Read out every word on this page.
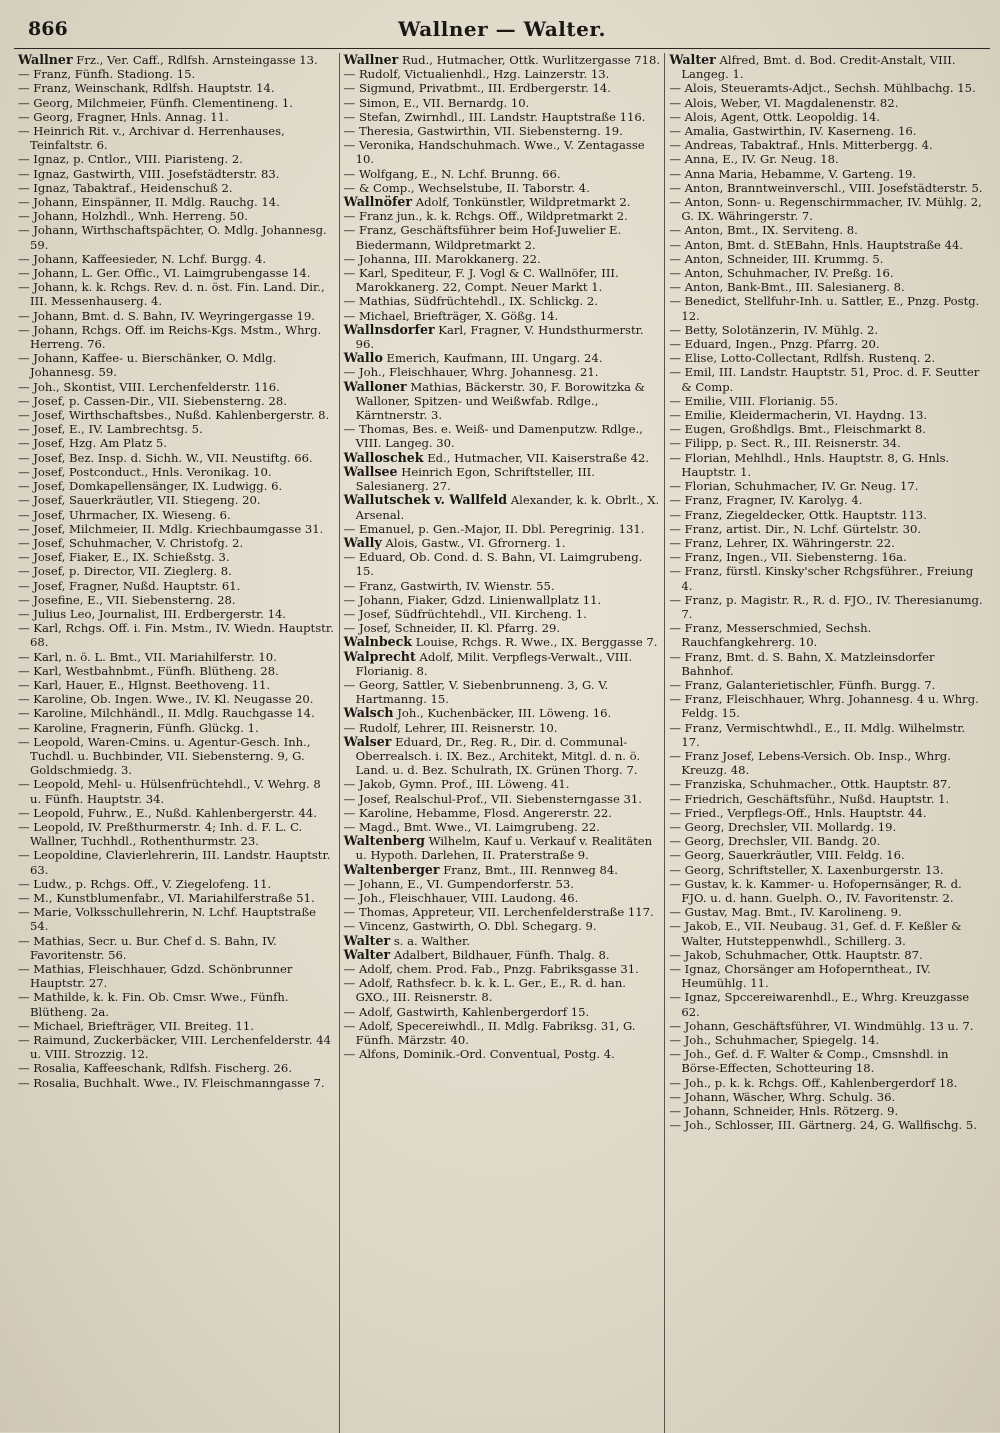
866	Wallner — Walter.

Wallner Frz., Ver. Caff., Rdlfsh. Arnsteingasse 13.

— Franz, Fünfh. Stadiong. 15.

— Franz, Weinschank, Rdlfsh. Hauptstr. 14.

— Georg, Milchmeier, Fünfh. Clementineng. 1.

— Georg, Fragner, Hnls. Annag. 11.

— Heinrich Rit. v., Archivar d. Herrenhauses, Teinfaltstr. 6.

— Ignaz, p. Cntlor., VIII. Piaristeng. 2.

— Ignaz, Gastwirth, VIII. Josefstädterstr. 83.

— Ignaz, Tabaktraf., Heidenschuß 2.

— Johann, Einspänner, II. Mdlg. Rauchg. 14.

— Johann, Holzhdl., Wnh. Herreng. 50.

— Johann, Wirthschaftspächter, O. Mdlg. Johannesg. 59.

— Johann, Kaffeesieder, N. Lchf. Burgg. 4.

— Johann, L. Ger. Offic., VI. Laimgrubengasse 14.

— Johann, k. k. Rchgs. Rev. d. n. öst. Fin. Land. Dir., III. Messenhauserg. 4.

— Johann, Bmt. d. S. Bahn, IV. Weyringergasse 19.

— Johann, Rchgs. Off. im Reichs-Kgs. Mstm., Whrg. Herreng. 76.

— Johann, Kaffee- u. Bierschänker, O. Mdlg. Johannesg. 59.

— Joh., Skontist, VIII. Lerchenfelderstr. 116.

— Josef, p. Cassen-Dir., VII. Siebensterng. 28.

— Josef, Wirthschaftsbes., Nußd. Kahlenbergerstr. 8.

— Josef, E., IV. Lambrechtsg. 5.

— Josef, Hzg. Am Platz 5.

— Josef, Bez. Insp. d. Sichh. W., VII. Neustiftg. 66.

— Josef, Postconduct., Hnls. Veronikag. 10.

— Josef, Domkapellensänger, IX. Ludwigg. 6.

— Josef, Sauerkräutler, VII. Stiegeng. 20.

— Josef, Uhrmacher, IX. Wieseng. 6.

— Josef, Milchmeier, II. Mdlg. Kriechbaumgasse 31.

— Josef, Schuhmacher, V. Christofg. 2.

— Josef, Fiaker, E., IX. Schießstg. 3.

— Josef, p. Director, VII. Zieglerg. 8.

— Josef, Fragner, Nußd. Hauptstr. 61.

— Josefine, E., VII. Siebensterng. 28.

— Julius Leo, Journalist, III. Erdbergerstr. 14.

— Karl, Rchgs. Off. i. Fin. Mstm., IV. Wiedn. Hauptstr. 68.

— Karl, n. ö. L. Bmt., VII. Mariahilferstr. 10.

— Karl, Westbahnbmt., Fünfh. Blütheng. 28.

— Karl, Hauer, E., Hlgnst. Beethoveng. 11.

— Karoline, Ob. Ingen. Wwe., IV. Kl. Neugasse 20.

— Karoline, Milchhändl., II. Mdlg. Rauchgasse 14.

— Karoline, Fragnerin, Fünfh. Glückg. 1.

— Leopold, Waren-Cmins. u. Agentur-Gesch. Inh., Tuchdl. u. Buchbinder, VII. Siebensterng. 9, G. Goldschmiedg. 3.

— Leopold, Mehl- u. Hülsenfrüchtehdl., V. Wehrg. 8 u. Fünfh. Hauptstr. 34.

— Leopold, Fuhrw., E., Nußd. Kahlenbergerstr. 44.

— Leopold, IV. Preßthurmerstr. 4; Inh. d. F. L. C. Wallner, Tuchhdl., Rothenthurmstr. 23.

— Leopoldine, Clavierlehrerin, III. Landstr. Hauptstr. 63.

— Ludw., p. Rchgs. Off., V. Ziegelofeng. 11.

— M., Kunstblumenfabr., VI. Mariahilferstraße 51.

— Marie, Volksschullehrerin, N. Lchf. Hauptstraße 54.

— Mathias, Secr. u. Bur. Chef d. S. Bahn, IV. Favoritenstr. 56.

— Mathias, Fleischhauer, Gdzd. Schönbrunner Hauptstr. 27.

— Mathilde, k. k. Fin. Ob. Cmsr. Wwe., Fünfh. Blütheng. 2a.

— Michael, Briefträger, VII. Breiteg. 11.

— Raimund, Zuckerbäcker, VIII. Lerchenfelderstr. 44 u. VIII. Strozzig. 12.

— Rosalia, Kaffeeschank, Rdlfsh. Fischerg. 26.

— Rosalia, Buchhalt. Wwe., IV. Fleischmanngasse 7.

Wallner Rud., Hutmacher, Ottk. Wurlitzergasse 718.

— Rudolf, Victualienhdl., Hzg. Lainzerstr. 13.

— Sigmund, Privatbmt., III. Erdbergerstr. 14.

— Simon, E., VII. Bernardg. 10.

— Stefan, Zwirnhdl., III. Landstr. Hauptstraße 116.

— Theresia, Gastwirthin, VII. Siebensterng. 19.

— Veronika, Handschuhmach. Wwe., V. Zentagasse 10.

— Wolfgang, E., N. Lchf. Brunng. 66.

— & Comp., Wechselstube, II. Taborstr. 4.

Wallnöfer Adolf, Tonkünstler, Wildpretmarkt 2.

— Franz jun., k. k. Rchgs. Off., Wildpretmarkt 2.

— Franz, Geschäftsführer beim Hof-Juwelier E. Biedermann, Wildpretmarkt 2.

— Johanna, III. Marokkanerg. 22.

— Karl, Spediteur, F. J. Vogl & C. Wallnöfer, III. Marokkanerg. 22, Compt. Neuer Markt 1.

— Mathias, Südfrüchtehdl., IX. Schlickg. 2.

— Michael, Briefträger, X. Gößg. 14.

Wallnsdorfer Karl, Fragner, V. Hundsthurmerstr. 96.

Wallo Emerich, Kaufmann, III. Ungarg. 24.

— Joh., Fleischhauer, Whrg. Johannesg. 21.

Walloner Mathias, Bäckerstr. 30, F. Borowitzka & Walloner, Spitzen- und Weißwfab. Rdlge., Kärntnerstr. 3.

— Thomas, Bes. e. Weiß- und Damenputzw. Rdlge., VIII. Langeg. 30.

Walloschek Ed., Hutmacher, VII. Kaiserstraße 42.

Wallsee Heinrich Egon, Schriftsteller, III. Salesianerg. 27.

Wallutschek v. Wallfeld Alexander, k. k. Obrlt., X. Arsenal.

— Emanuel, p. Gen.-Major, II. Dbl. Peregrinig. 131.

Wally Alois, Gastw., VI. Gfrornerg. 1.

— Eduard, Ob. Cond. d. S. Bahn, VI. Laimgrubeng. 15.

— Franz, Gastwirth, IV. Wienstr. 55.

— Johann, Fiaker, Gdzd. Linienwallplatz 11.

— Josef, Südfrüchtehdl., VII. Kircheng. 1.

— Josef, Schneider, II. Kl. Pfarrg. 29.

Walnbeck Louise, Rchgs. R. Wwe., IX. Berggasse 7.

Walprecht Adolf, Milit. Verpflegs-Verwalt., VIII. Florianig. 8.

— Georg, Sattler, V. Siebenbrunneng. 3, G. V. Hartmanng. 15.

Walsch Joh., Kuchenbäcker, III. Löweng. 16.

— Rudolf, Lehrer, III. Reisnerstr. 10.

Walser Eduard, Dr., Reg. R., Dir. d. Communal-Oberrealsch. i. IX. Bez., Architekt, Mitgl. d. n. ö. Land. u. d. Bez. Schulrath, IX. Grünen Thorg. 7.

— Jakob, Gymn. Prof., III. Löweng. 41.

— Josef, Realschul-Prof., VII. Siebensterngasse 31.

— Karoline, Hebamme, Flosd. Angererstr. 22.

— Magd., Bmt. Wwe., VI. Laimgrubeng. 22.

Waltenberg Wilhelm, Kauf u. Verkauf v. Realitäten u. Hypoth. Darlehen, II. Praterstraße 9.

Waltenberger Franz, Bmt., III. Rennweg 84.

— Johann, E., VI. Gumpendorferstr. 53.

— Joh., Fleischhauer, VIII. Laudong. 46.

— Thomas, Appreteur, VII. Lerchenfelderstraße 117.

— Vincenz, Gastwirth, O. Dbl. Schegarg. 9.

Walter s. a. Walther.

Walter Adalbert, Bildhauer, Fünfh. Thalg. 8.

— Adolf, chem. Prod. Fab., Pnzg. Fabriksgasse 31.

— Adolf, Rathsfecr. b. k. k. L. Ger., E., R. d. han. GXO., III. Reisnerstr. 8.

— Adolf, Gastwirth, Kahlenbergerdorf 15.

— Adolf, Specereiwhdl., II. Mdlg. Fabriksg. 31, G. Fünfh. Märzstr. 40.

— Alfons, Dominik.-Ord. Conventual, Postg. 4.

Walter Alfred, Bmt. d. Bod. Credit-Anstalt, VIII. Langeg. 1.

— Alois, Steueramts-Adjct., Sechsh. Mühlbachg. 15.

— Alois, Weber, VI. Magdalenenstr. 82.

— Alois, Agent, Ottk. Leopoldig. 14.

— Amalia, Gastwirthin, IV. Kaserneng. 16.

— Andreas, Tabaktraf., Hnls. Mitterbergg. 4.

— Anna, E., IV. Gr. Neug. 18.

— Anna Maria, Hebamme, V. Garteng. 19.

— Anton, Branntweinverschl., VIII. Josefstädterstr. 5.

— Anton, Sonn- u. Regenschirmmacher, IV. Mühlg. 2, G. IX. Währingerstr. 7.

— Anton, Bmt., IX. Serviteng. 8.

— Anton, Bmt. d. StEBahn, Hnls. Hauptstraße 44.

— Anton, Schneider, III. Krummg. 5.

— Anton, Schuhmacher, IV. Preßg. 16.

— Anton, Bank-Bmt., III. Salesianerg. 8.

— Benedict, Stellfuhr-Inh. u. Sattler, E., Pnzg. Postg. 12.

— Betty, Solotänzerin, IV. Mühlg. 2.

— Eduard, Ingen., Pnzg. Pfarrg. 20.

— Elise, Lotto-Collectant, Rdlfsh. Rustenq. 2.

— Emil, III. Landstr. Hauptstr. 51, Proc. d. F. Seutter & Comp.

— Emilie, VIII. Florianig. 55.

— Emilie, Kleidermacherin, VI. Haydng. 13.

— Eugen, Großhdlgs. Bmt., Fleischmarkt 8.

— Filipp, p. Sect. R., III. Reisnerstr. 34.

— Florian, Mehlhdl., Hnls. Hauptstr. 8, G. Hnls. Hauptstr. 1.

— Florian, Schuhmacher, IV. Gr. Neug. 17.

— Franz, Fragner, IV. Karolyg. 4.

— Franz, Ziegeldecker, Ottk. Hauptstr. 113.

— Franz, artist. Dir., N. Lchf. Gürtelstr. 30.

— Franz, Lehrer, IX. Währingerstr. 22.

— Franz, Ingen., VII. Siebensterng. 16a.

— Franz, fürstl. Kinsky'scher Rchgsführer., Freiung 4.

— Franz, p. Magistr. R., R. d. FJO., IV. Theresianumg. 7.

— Franz, Messerschmied, Sechsh. Rauchfangkehrerg. 10.

— Franz, Bmt. d. S. Bahn, X. Matzleinsdorfer Bahnhof.

— Franz, Galanterietischler, Fünfh. Burgg. 7.

— Franz, Fleischhauer, Whrg. Johannesg. 4 u. Whrg. Feldg. 15.

— Franz, Vermischtwhdl., E., II. Mdlg. Wilhelmstr. 17.

— Franz Josef, Lebens-Versich. Ob. Insp., Whrg. Kreuzg. 48.

— Franziska, Schuhmacher., Ottk. Hauptstr. 87.

— Friedrich, Geschäftsführ., Nußd. Hauptstr. 1.

— Fried., Verpflegs-Off., Hnls. Hauptstr. 44.

— Georg, Drechsler, VII. Mollardg. 19.

— Georg, Drechsler, VII. Bandg. 20.

— Georg, Sauerkräutler, VIII. Feldg. 16.

— Georg, Schriftsteller, X. Laxenburgerstr. 13.

— Gustav, k. k. Kammer- u. Hofopernsänger, R. d. FJO. u. d. hann. Guelph. O., IV. Favoritenstr. 2.

— Gustav, Mag. Bmt., IV. Karolineng. 9.

— Jakob, E., VII. Neubaug. 31, Gef. d. F. Keßler & Walter, Hutsteppenwhdl., Schillerg. 3.

— Jakob, Schuhmacher, Ottk. Hauptstr. 87.

— Ignaz, Chorsänger am Hofoperntheat., IV. Heumühlg. 11.

— Ignaz, Spccereiwarenhdl., E., Whrg. Kreuzgasse 62.

— Johann, Geschäftsführer, VI. Windmühlg. 13 u. 7.

— Joh., Schuhmacher, Spiegelg. 14.

— Joh., Gef. d. F. Walter & Comp., Cmsnshdl. in Börse-Effecten, Schotteuring 18.

— Joh., p. k. k. Rchgs. Off., Kahlenbergerdorf 18.

— Johann, Wäscher, Whrg. Schulg. 36.

— Johann, Schneider, Hnls. Rötzerg. 9.

— Joh., Schlosser, III. Gärtnerg. 24, G. Wallfischg. 5.
